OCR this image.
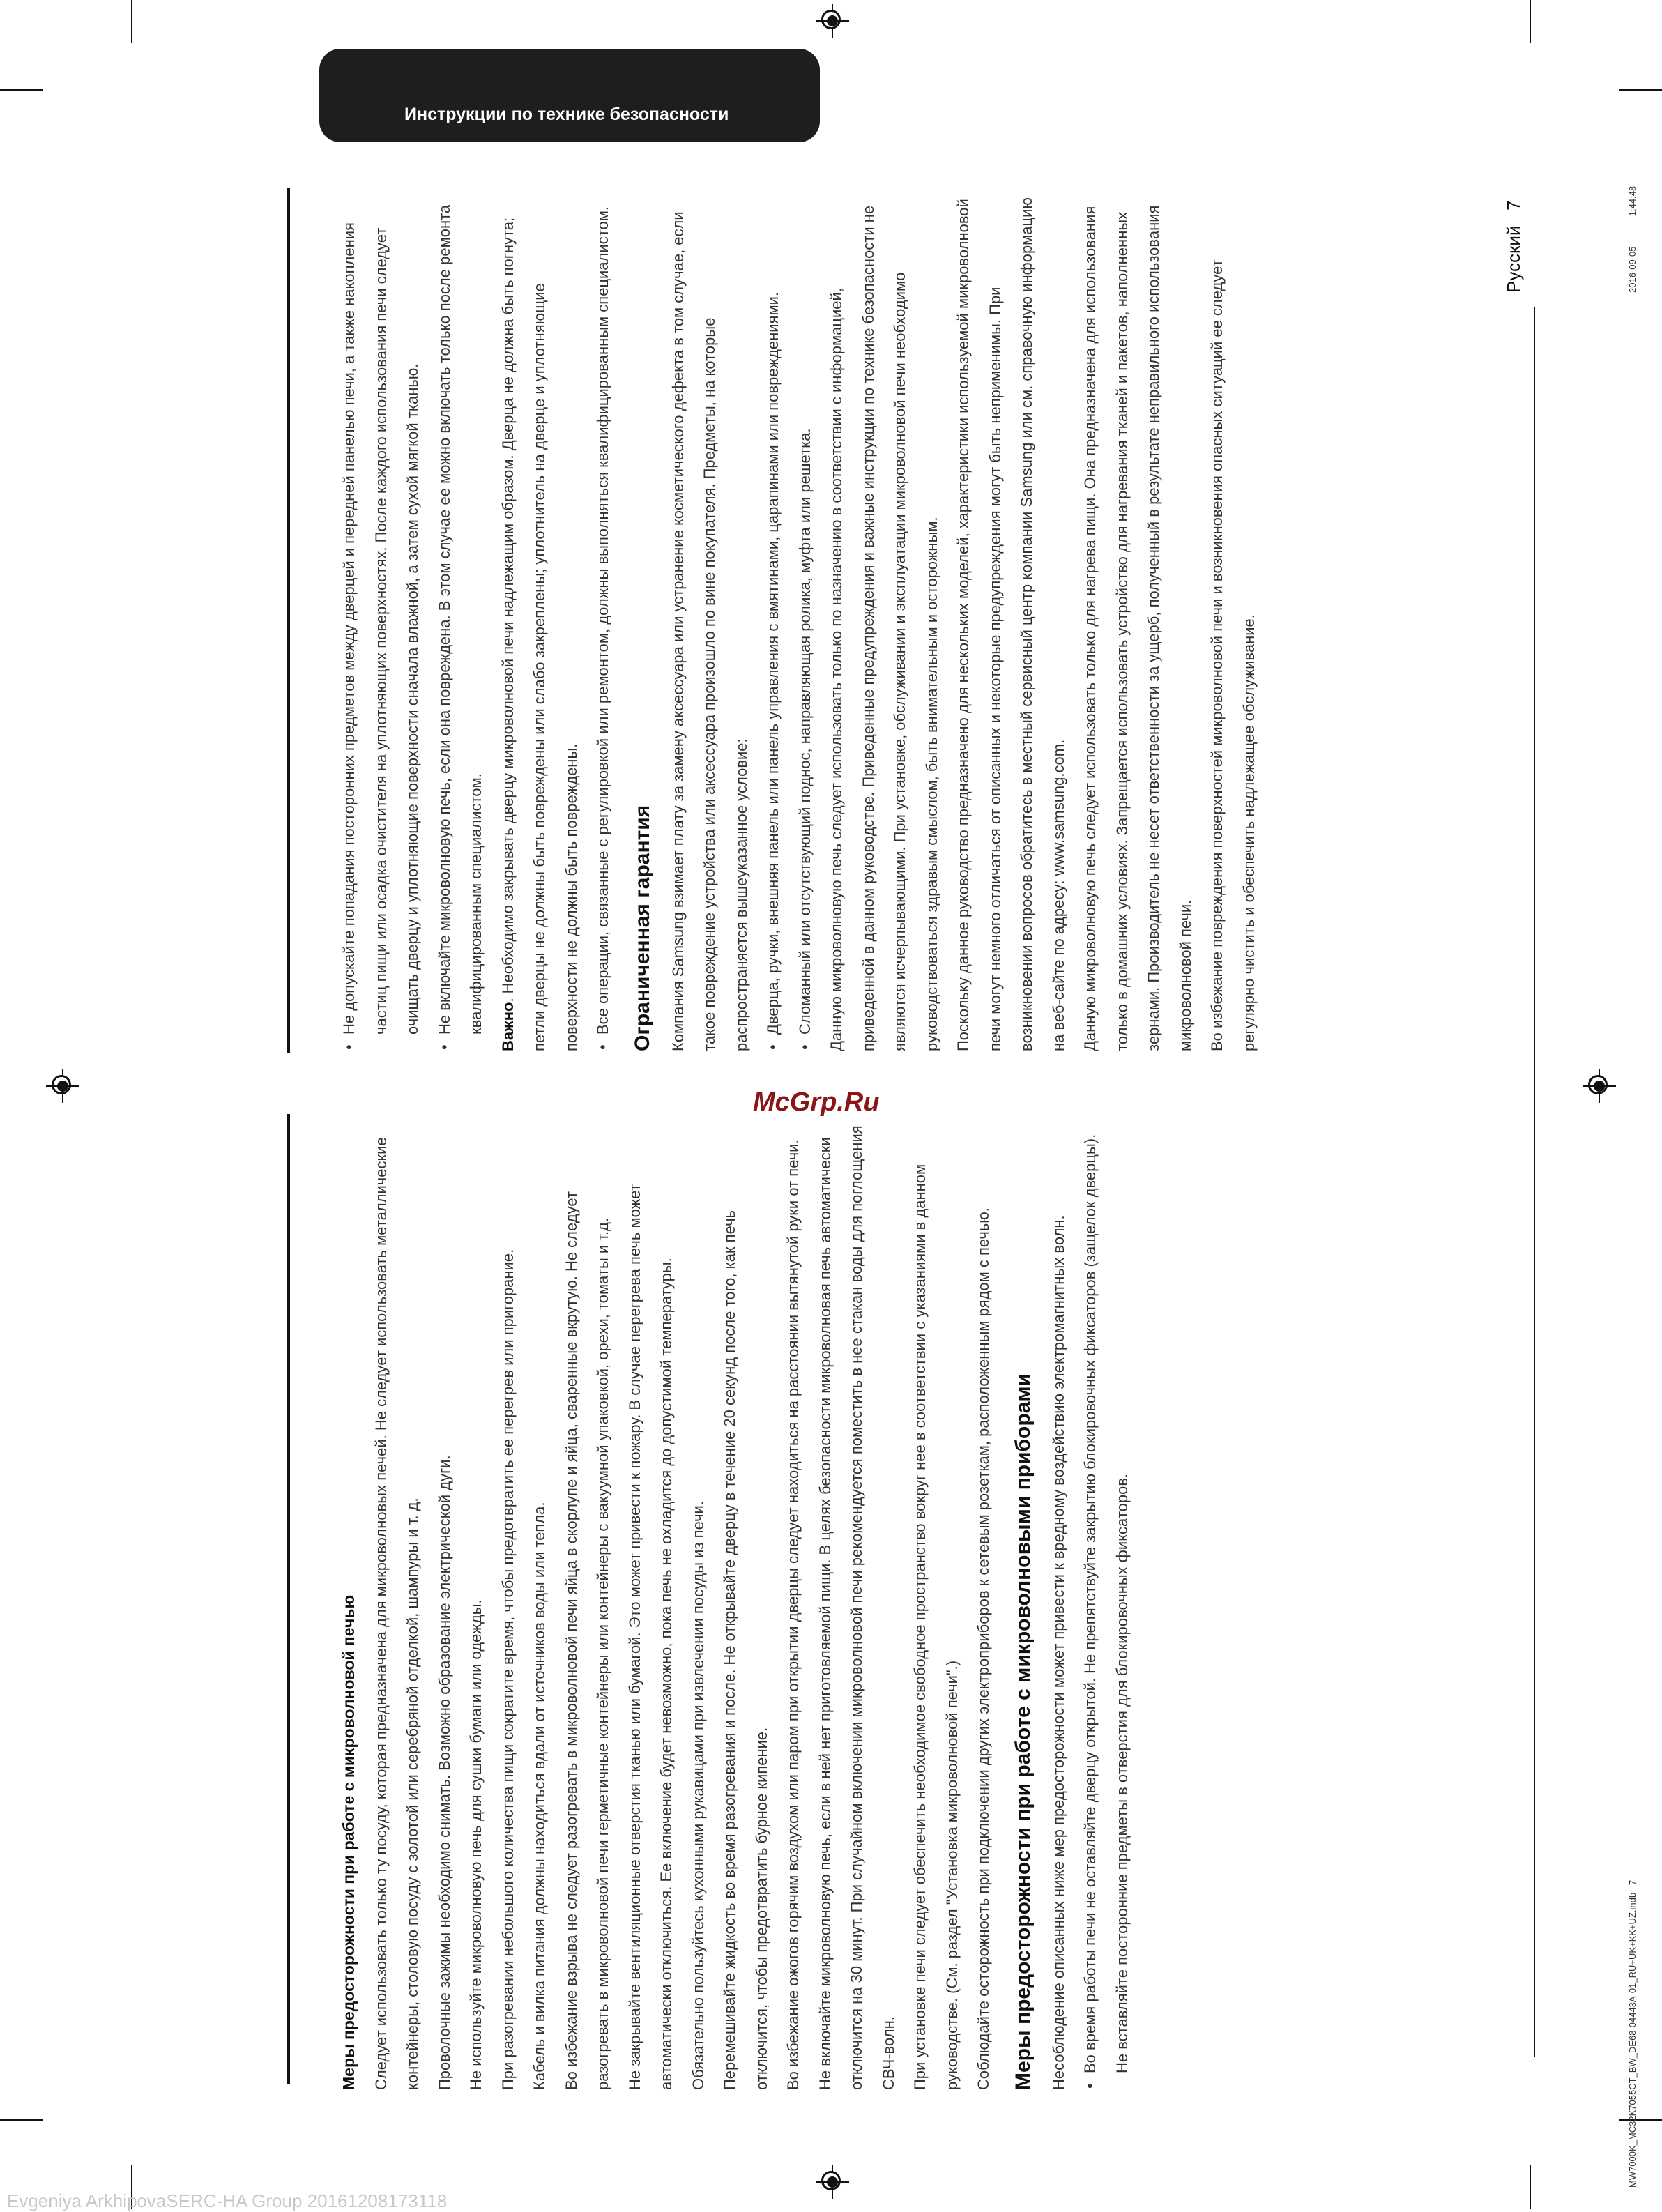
Инструкции по технике безопасности

Меры предосторожности при работе с микроволновой печью Следует использовать только ту посуду, которая предназначена для микроволновых печей. Не следует использовать металлические контейнеры, столовую посуду с золотой или серебряной отделкой, шампуры и т. д. Проволочные зажимы необходимо снимать. Возможно образование электрической дуги. Не используйте микроволновую печь для сушки бумаги или одежды. При разогревании небольшого количества пищи сократите время, чтобы предотвратить ее перегрев или пригорание. Кабель и вилка питания должны находиться вдали от источников воды или тепла. Во избежание взрыва не следует разогревать в микроволновой печи яйца в скорлупе и яйца, сваренные вкрутую. Не следует разогревать в микроволновой печи герметичные контейнеры или контейнеры с вакуумной упаковкой, орехи, томаты и т.д. Не закрывайте вентиляционные отверстия тканью или бумагой. Это может привести к пожару. В случае перегрева печь может автоматически отключиться. Ее включение будет невозможно, пока печь не охладится до допустимой температуры. Обязательно пользуйтесь кухонными рукавицами при извлечении посуды из печи. Перемешивайте жидкость во время разогревания и после. Не открывайте дверцу в течение 20 секунд после того, как печь отключится, чтобы предотвратить бурное кипение. Во избежание ожогов горячим воздухом или паром при открытии дверцы следует находиться на расстоянии вытянутой руки от печи. Не включайте микроволновую печь, если в ней нет приготовляемой пищи. В целях безопасности микроволновая печь автоматически отключится на 30 минут. При случайном включении микроволновой печи рекомендуется поместить в нее стакан воды для поглощения СВЧ-волн. При установке печи следует обеспечить необходимое свободное пространство вокруг нее в соответствии с указаниями в данном руководстве. (См. раздел "Установка микроволновой печи".) Соблюдайте осторожность при подключении других электроприборов к сетевым розеткам, расположенным рядом с печью. Меры предосторожности при работе с микроволновыми приборами	Несоблюдение описанных ниже мер предосторожности может привести к вредному воздействию электромагнитных волн. • Во время работы печи не оставляйте дверцу открытой. Не препятствуйте закрытию блокировочных фиксаторов (защелок дверцы). Не вставляйте посторонние предметы в отверстия для блокировочных фиксаторов.

• Не допускайте попадания посторонних предметов между дверцей и передней панелью печи, а также накопления частиц пищи или осадка очистителя на уплотняющих поверхностях. После каждого использования печи следует очищать дверцу и уплотняющие поверхности сначала влажной, а затем сухой мягкой тканью. • Не включайте микроволновую печь, если она повреждена. В этом случае ее можно включать только после ремонта квалифицированным специалистом. Важно. Необходимо закрывать дверцу микроволновой печи надлежащим образом. Дверца не должна быть погнута; петли дверцы не должны быть повреждены или слабо закреплены; уплотнитель на дверце и уплотняющие поверхности не должны быть повреждены. • Все операции, связанные с регулировкой или ремонтом, должны выполняться квалифицированным специалистом. Ограниченная гарантия	Компания Samsung взимает плату за замену аксессуара или устранение косметического дефекта в том случае, если такое повреждение устройства или аксессуара произошло по вине покупателя. Предметы, на которые распространяется вышеуказанное условие: • Дверца, ручки, внешняя панель или панель управления с вмятинами, царапинами или повреждениями. • Сломанный или отсутствующий поднос, направляющая ролика, муфта или решетка. Данную микроволновую печь следует использовать только по назначению в соответствии с информацией, приведенной в данном руководстве. Приведенные предупреждения и важные инструкции по технике безопасности не являются исчерпывающими. При установке, обслуживании и эксплуатации микроволновой печи необходимо руководствоваться здравым смыслом, быть внимательным и осторожным. Поскольку данное руководство предназначено для нескольких моделей, характеристики используемой микроволновой печи могут немного отличаться от описанных и некоторые предупреждения могут быть неприменимы. При возникновении вопросов обратитесь в местный сервисный центр компании Samsung или см. справочную информацию на веб-сайте по адресу: www.samsung.com. Данную микроволновую печь следует использовать только для нагрева пищи. Она предназначена для использования только в домашних условиях. Запрещается использовать устройство для нагревания тканей и пакетов, наполненных зернами. Производитель не несет ответственности за ущерб, полученный в результате неправильного использования микроволновой печи. Во избежание повреждения поверхностей микроволновой печи и возникновения опасных ситуаций ее следует регулярно чистить и обеспечить надлежащее обслуживание.

McGrp.Ru
Русский   7
2016-09-05            1:44:48
MW7000K_MC32K7055CT_BW_DE68-04443A-01_RU+UK+KK+UZ.indb   7
Evgeniya ArkhipovaSERC-HA Group 20161208173118
